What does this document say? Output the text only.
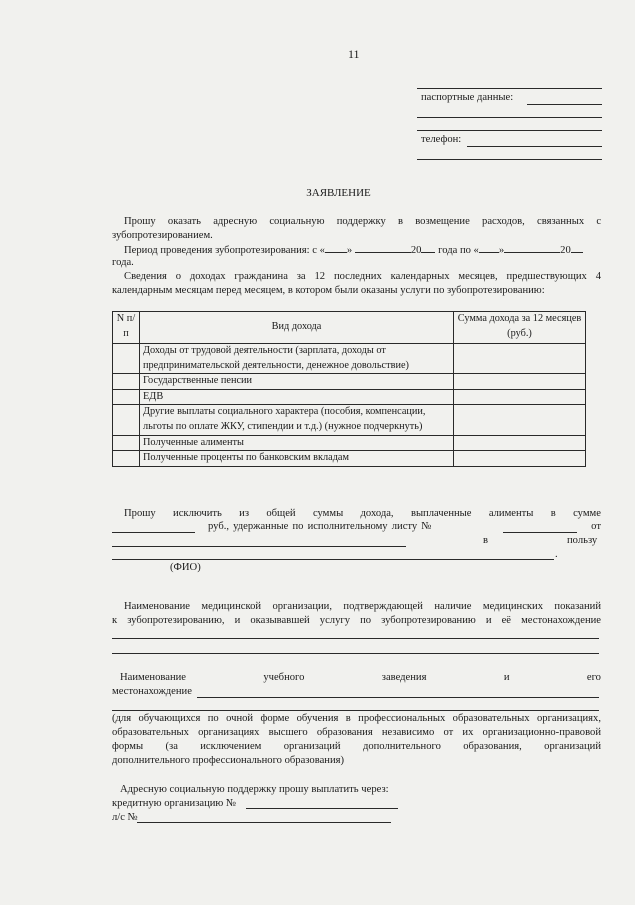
11
паспортные данные:
телефон:
ЗАЯВЛЕНИЕ
Прошу оказать адресную социальную поддержку в возмещение расходов, связанных с
зубопротезированием.
Период проведения зубопротезирования: с « »	20 года по « »	20
года.
Сведения о доходах гражданина за 12 последних календарных месяцев, предшествующих 4
календарным месяцам перед месяцем, в котором были оказаны услуги по зубопротезированию:
N п/п	Вид дохода	Сумма дохода за 12 месяцев (руб.)
	Доходы от трудовой деятельности (зарплата, доходы от предпринимательской деятельности, денежное довольствие)	
	Государственные пенсии	
	ЕДВ	
	Другие выплаты социального характера (пособия, компенсации, льготы по оплате ЖКУ, стипендии и т.д.) (нужное подчеркнуть)	
	Полученные алименты	
	Полученные проценты по банковским вкладам	
Прошу исключить из общей суммы дохода, выплаченные алименты в сумме
руб., удержанные по исполнительному листу №	от
в	пользу
.
(ФИО)
Наименование медицинской организации, подтверждающей наличие медицинских показаний
к зубопротезированию, и оказывавшей услугу по зубопротезированию и её местонахождение
Наименование	учебного	заведения	и	его
местонахождение
(для обучающихся по очной форме обучения в профессиональных образовательных организациях,
образовательных организациях высшего образования независимо от их организационно-правовой
формы (за исключением организаций дополнительного образования, организаций
дополнительного профессионального образования)
Адресную социальную поддержку прошу выплатить через:
кредитную организацию №
л/с №
